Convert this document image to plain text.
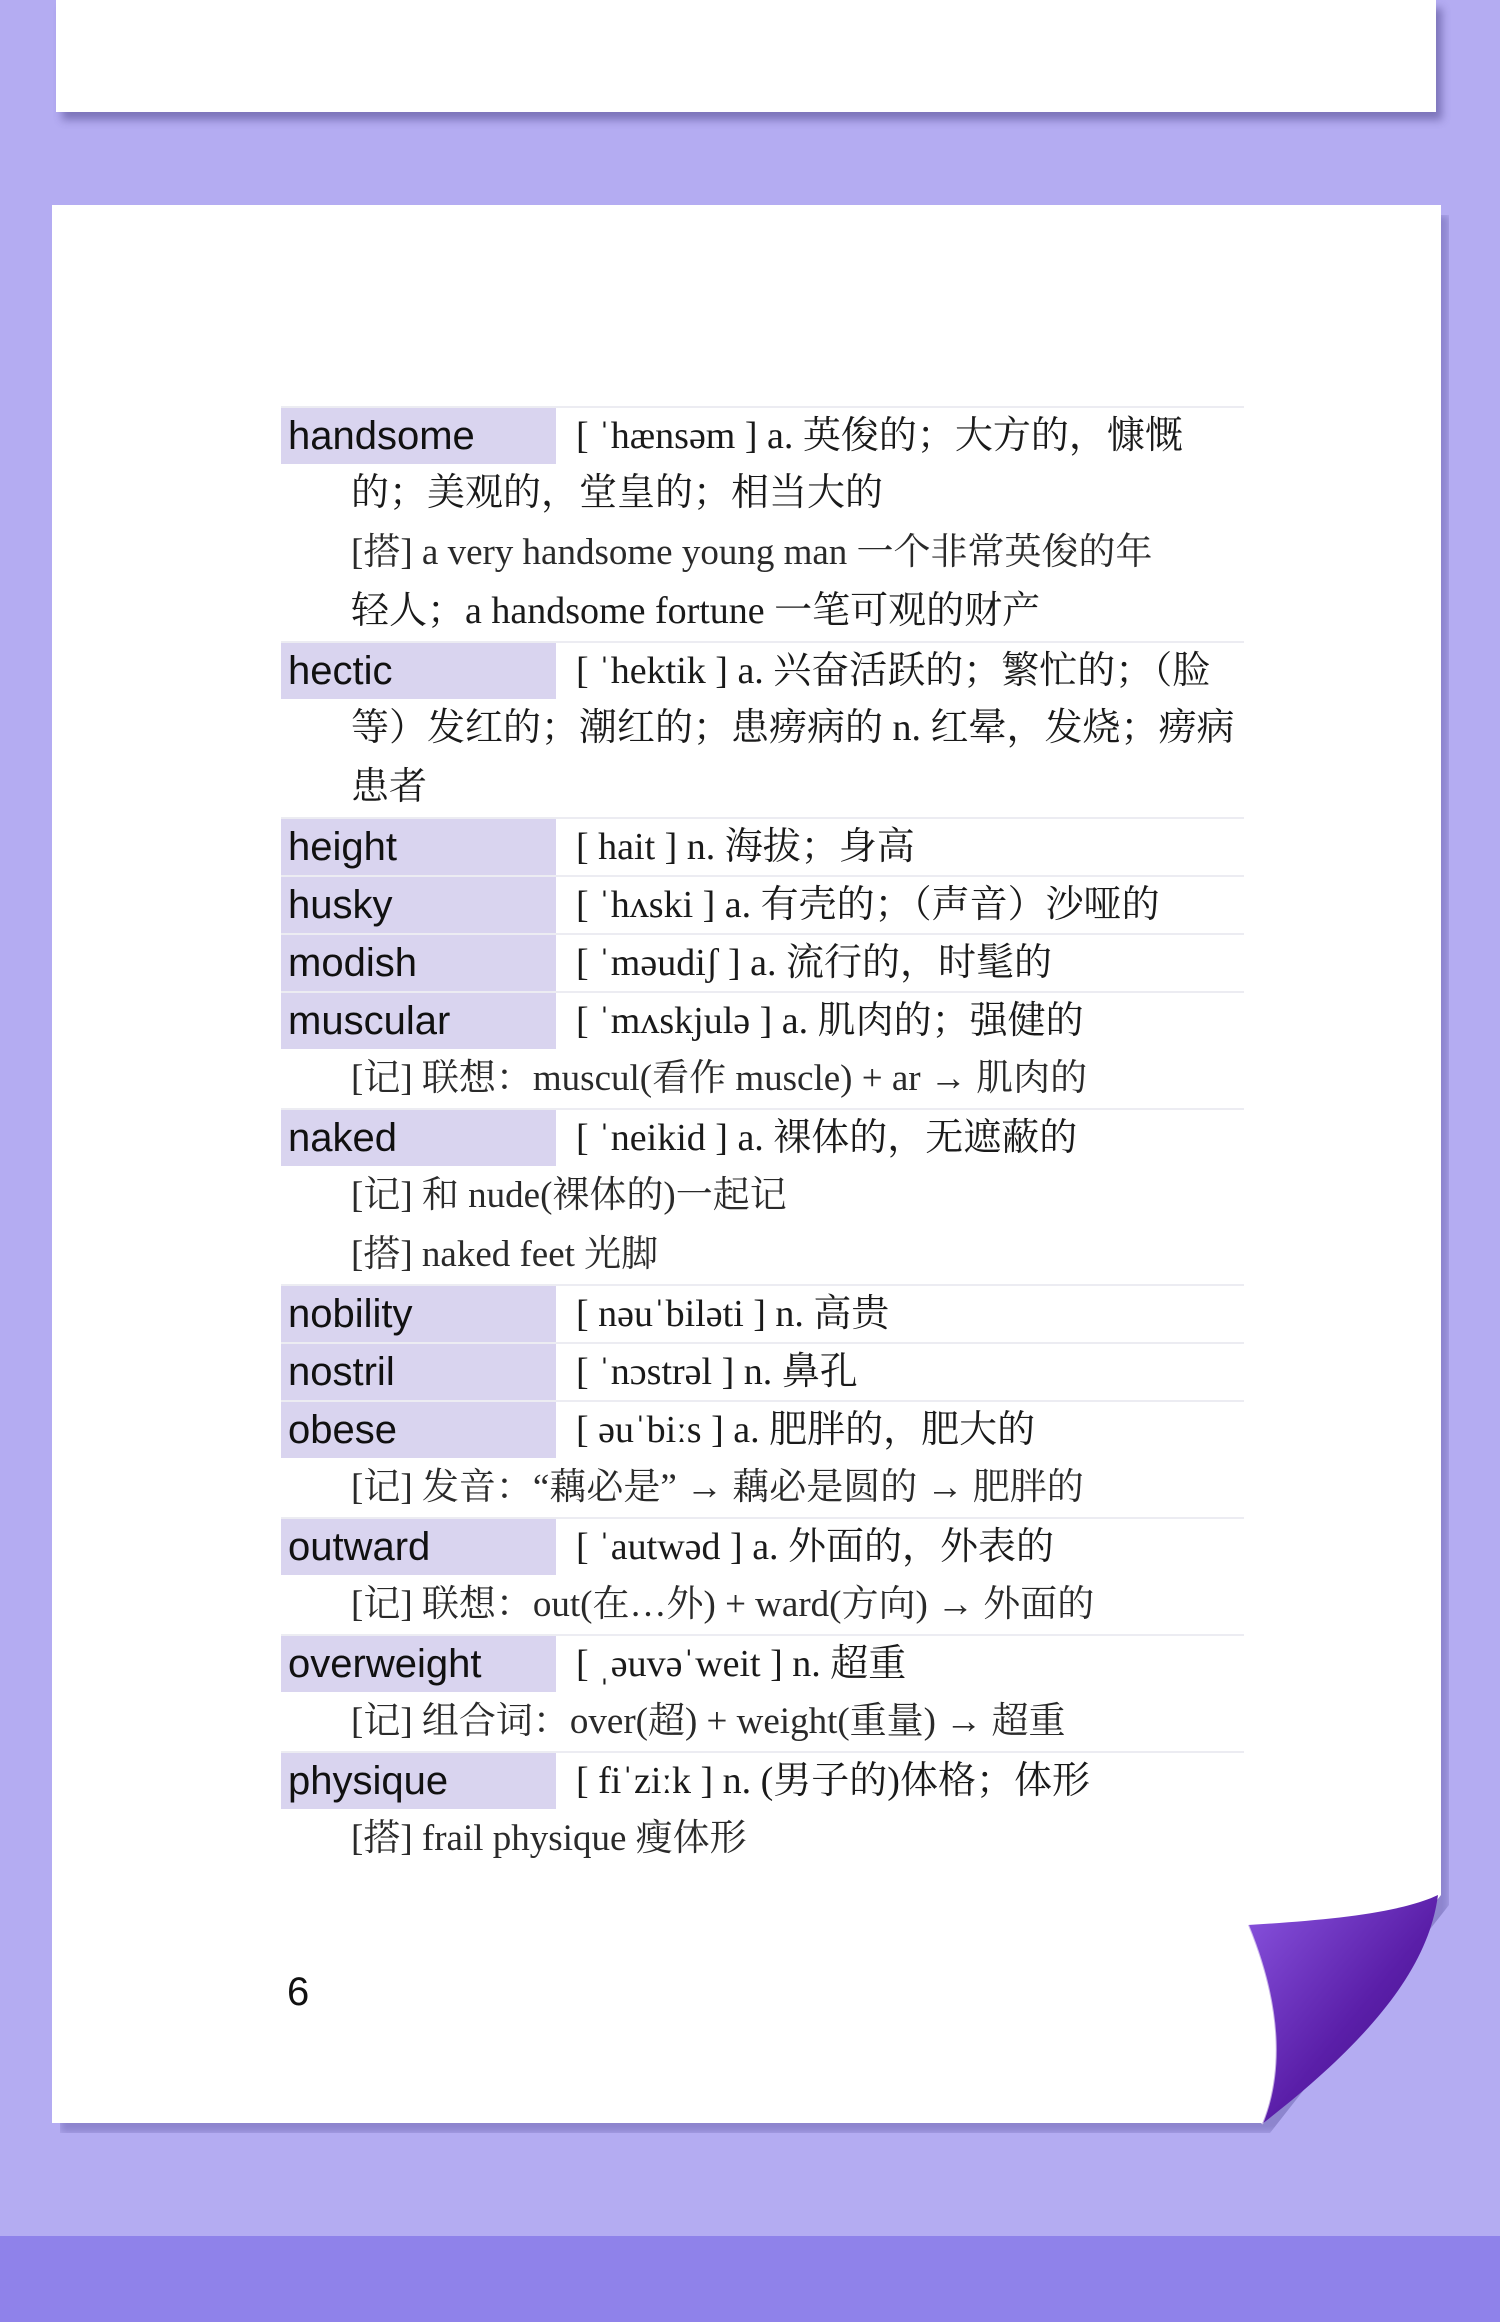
handsome	[ ˈhænsəm ] a. 英俊的；大方的，慷慨
的；美观的，堂皇的；相当大的
[搭] a very handsome young man 一个非常英俊的年
轻人；a handsome fortune 一笔可观的财产
hectic	[ ˈhektik ] a. 兴奋活跃的；繁忙的；（脸
等）发红的；潮红的；患痨病的 n. 红晕，发烧；痨病
患者
height	[ hait ] n. 海拔；身高
husky	[ ˈhʌski ] a. 有壳的；（声音）沙哑的
modish	[ ˈməudiʃ ] a. 流行的，时髦的
muscular	[ ˈmʌskjulə ] a. 肌肉的；强健的
[记] 联想：muscul(看作 muscle) + ar → 肌肉的
naked	[ ˈneikid ] a. 裸体的，无遮蔽的
[记] 和 nude(裸体的)一起记
[搭] naked feet 光脚
nobility	[ nəuˈbiləti ] n. 高贵
nostril	[ ˈnɔstrəl ] n. 鼻孔
obese	[ əuˈbiːs ] a. 肥胖的，肥大的
[记] 发音：“藕必是” → 藕必是圆的 → 肥胖的
outward	[ ˈautwəd ] a. 外面的，外表的
[记] 联想：out(在…外) + ward(方向) → 外面的
overweight	[ ˌəuvəˈweit ] n. 超重
[记] 组合词：over(超) + weight(重量) → 超重
physique	[ fiˈziːk ] n. (男子的)体格；体形
[搭] frail physique 瘦体形
6
